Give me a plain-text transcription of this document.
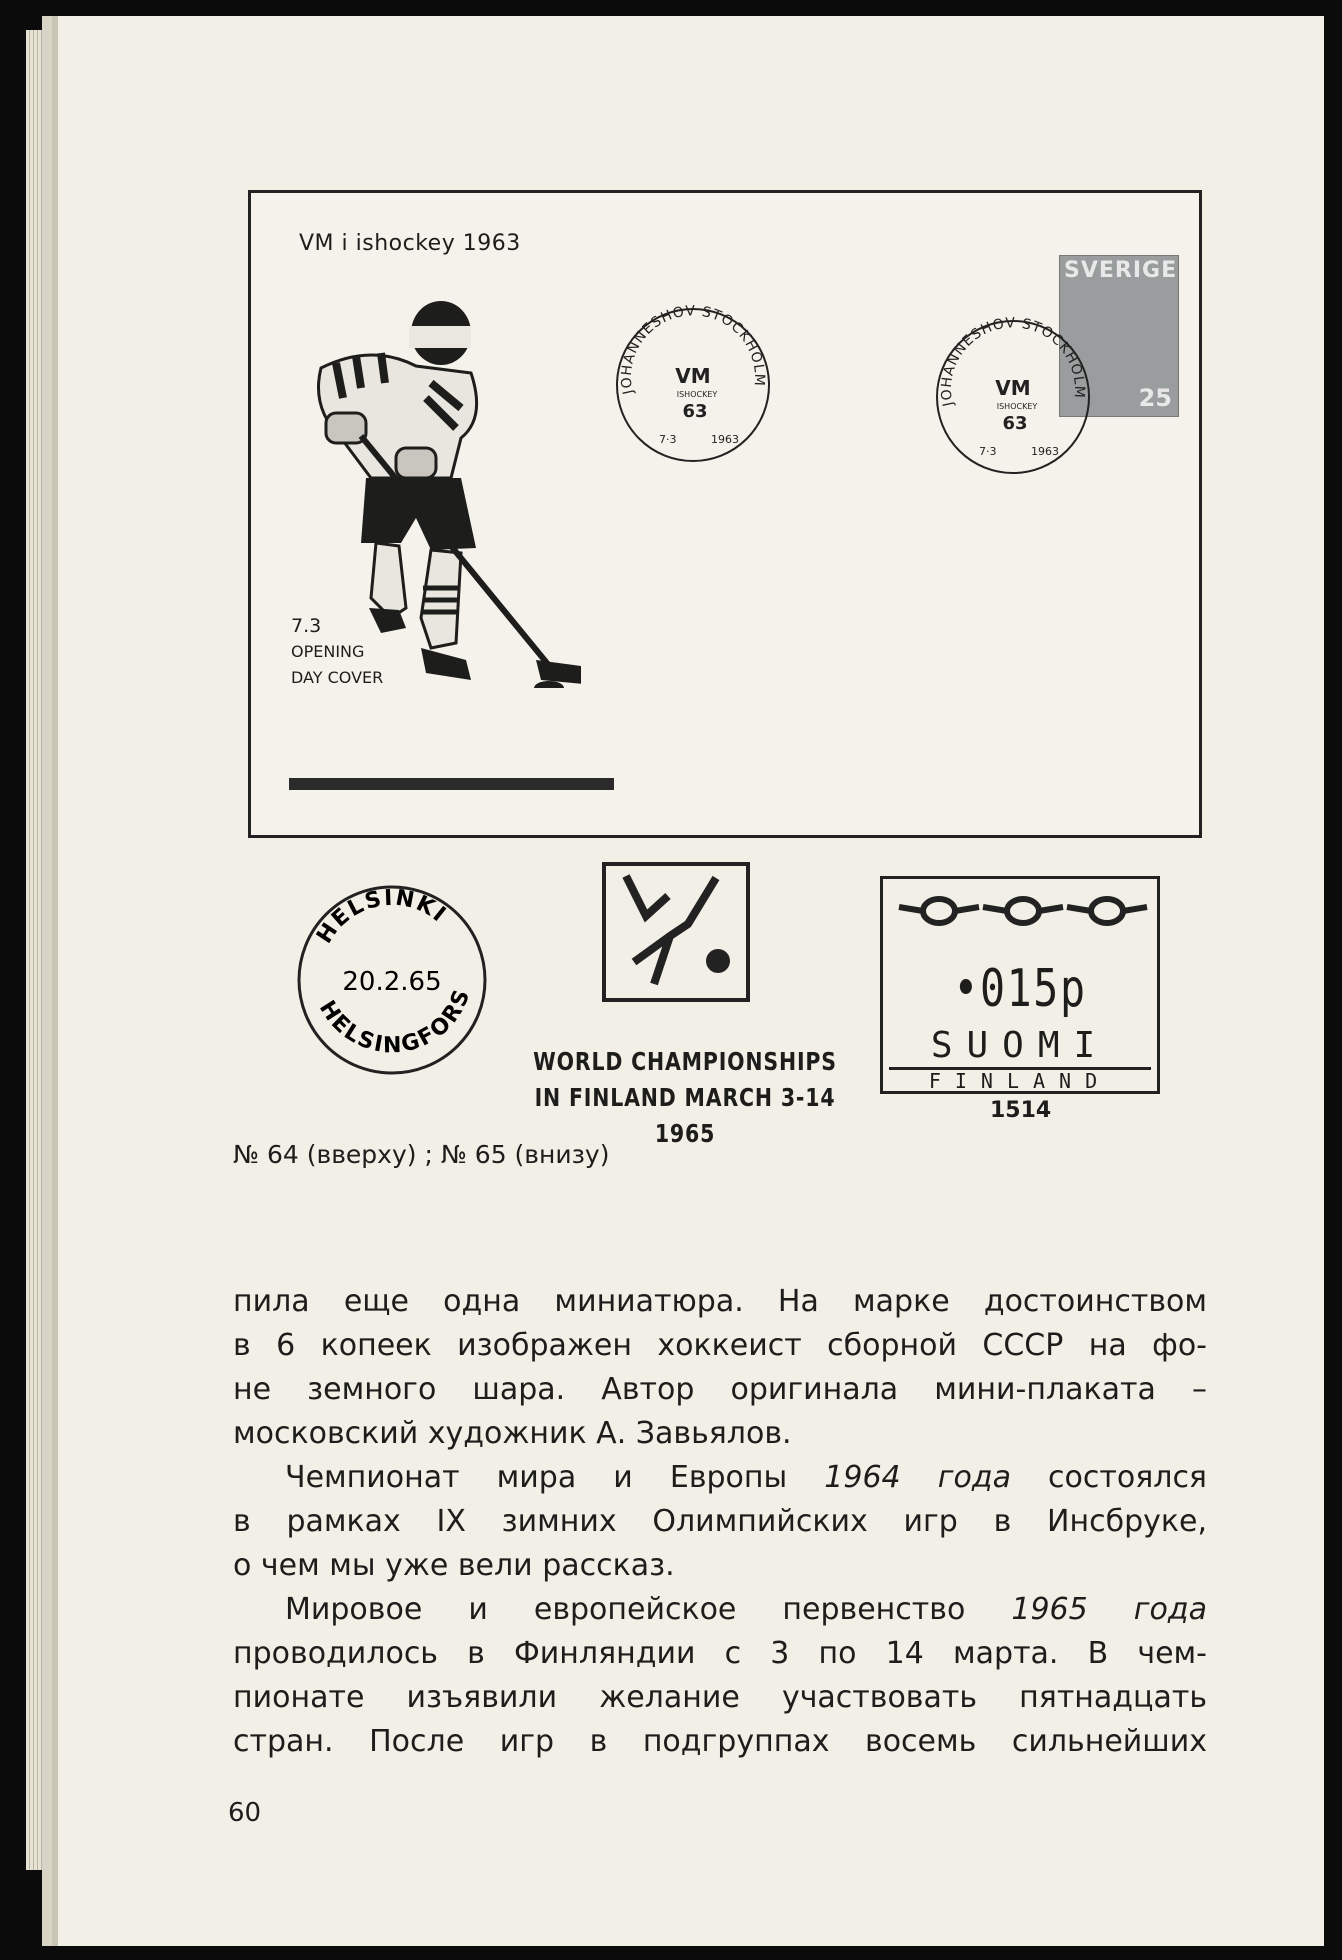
VM i ishockey 1963
7.3
OPENING
DAY COVER
JOHANNESHOV STOCKHOLM
VM
ISHOCKEY
63
7·3	1963
SVERIGE
25
JOHANNESHOV STOCKHOLM
VM
ISHOCKEY
63
7·3	1963
HELSINKI
20.2.65
HELSINGFORS
WORLD CHAMPIONSHIPS
IN FINLAND MARCH 3-14 1965
•015p
SUOMI
FINLAND
1514
№ 64 (вверху) ; № 65 (внизу)

пила еще одна миниатюра. На марке достоинством

в 6 копеек изображен хоккеист сборной СССР на фо-

не земного шара. Автор оригинала мини-плаката –

московский художник А. Завьялов.

Чемпионат мира и Европы 1964 года состоялся

в рамках IX зимних Олимпийских игр в Инсбруке,

о чем мы уже вели рассказ.

Мировое и европейское первенство 1965 года

проводилось в Финляндии с 3 по 14 марта. В чем-

пионате изъявили желание участвовать пятнадцать

стран. После игр в подгруппах восемь сильнейших

60
